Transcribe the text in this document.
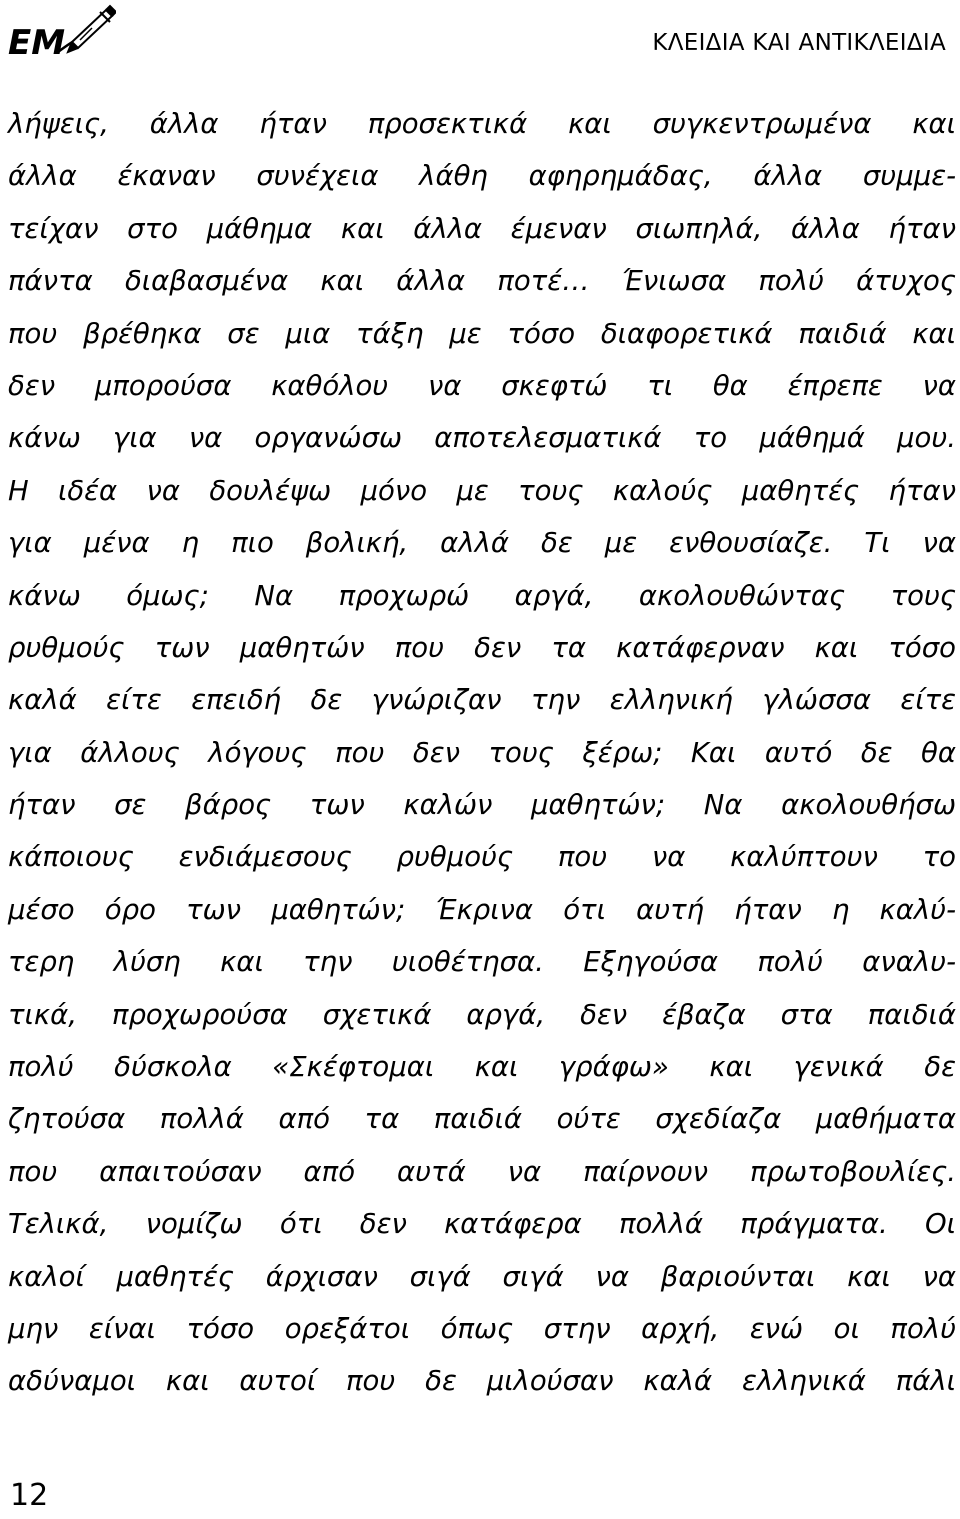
EM	ΚΛΕΙΔΙΑ ΚΑΙ ΑΝΤΙΚΛΕΙΔΙΑ
λήψεις, άλλα ήταν προσεκτικά και συγκεντρωμένα και
άλλα έκαναν συνέχεια λάθη αφηρημάδας, άλλα συμμε-
τείχαν στο μάθημα και άλλα έμεναν σιωπηλά, άλλα ήταν
πάντα διαβασμένα και άλλα ποτέ… Ένιωσα πολύ άτυχος
που βρέθηκα σε μια τάξη με τόσο διαφορετικά παιδιά και
δεν μπορούσα καθόλου να σκεφτώ τι θα έπρεπε να
κάνω για να οργανώσω αποτελεσματικά το μάθημά μου.
Η ιδέα να δουλέψω μόνο με τους καλούς μαθητές ήταν
για μένα η πιο βολική, αλλά δε με ενθουσίαζε. Τι να
κάνω όμως; Να προχωρώ αργά, ακολουθώντας τους
ρυθμούς των μαθητών που δεν τα κατάφερναν και τόσο
καλά είτε επειδή δε γνώριζαν την ελληνική γλώσσα είτε
για άλλους λόγους που δεν τους ξέρω; Και αυτό δε θα
ήταν σε βάρος των καλών μαθητών; Να ακολουθήσω
κάποιους ενδιάμεσους ρυθμούς που να καλύπτουν το
μέσο όρο των μαθητών; Έκρινα ότι αυτή ήταν η καλύ-
τερη λύση και την υιοθέτησα. Εξηγούσα πολύ αναλυ-
τικά, προχωρούσα σχετικά αργά, δεν έβαζα στα παιδιά
πολύ δύσκολα «Σκέφτομαι και γράφω» και γενικά δε
ζητούσα πολλά από τα παιδιά ούτε σχεδίαζα μαθήματα
που απαιτούσαν από αυτά να παίρνουν πρωτοβουλίες.
Τελικά, νομίζω ότι δεν κατάφερα πολλά πράγματα. Οι
καλοί μαθητές άρχισαν σιγά σιγά να βαριούνται και να
μην είναι τόσο ορεξάτοι όπως στην αρχή, ενώ οι πολύ
αδύναμοι και αυτοί που δε μιλούσαν καλά ελληνικά πάλι
12
